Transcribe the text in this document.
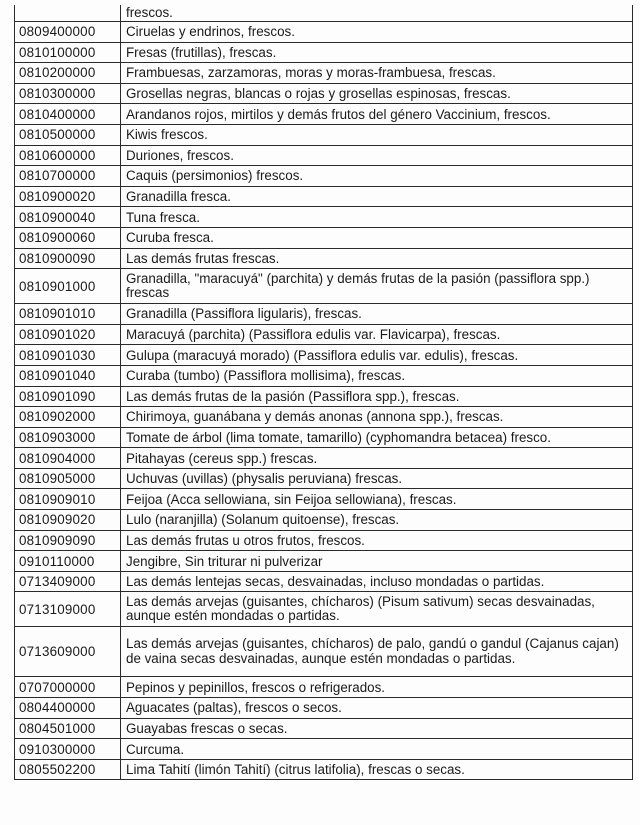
	frescos.
0809400000	Ciruelas y endrinos, frescos.
0810100000	Fresas (frutillas), frescas.
0810200000	Frambuesas, zarzamoras, moras y moras-frambuesa, frescas.
0810300000	Grosellas negras, blancas o rojas y grosellas espinosas, frescas.
0810400000	Arandanos rojos, mirtilos y demás frutos del género Vaccinium, frescos.
0810500000	Kiwis frescos.
0810600000	Duriones, frescos.
0810700000	Caquis (persimonios) frescos.
0810900020	Granadilla fresca.
0810900040	Tuna fresca.
0810900060	Curuba fresca.
0810900090	Las demás frutas frescas.
0810901000	Granadilla, "maracuyá" (parchita) y demás frutas de la pasión (passiflora spp.) frescas
0810901010	Granadilla (Passiflora ligularis), frescas.
0810901020	Maracuyá (parchita) (Passiflora edulis var. Flavicarpa), frescas.
0810901030	Gulupa (maracuyá morado) (Passiflora edulis var. edulis), frescas.
0810901040	Curaba (tumbo) (Passiflora mollisima), frescas.
0810901090	Las demás frutas de la pasión (Passiflora spp.), frescas.
0810902000	Chirimoya, guanábana y demás anonas (annona spp.), frescas.
0810903000	Tomate de árbol (lima tomate, tamarillo) (cyphomandra betacea) fresco.
0810904000	Pitahayas (cereus spp.) frescas.
0810905000	Uchuvas (uvillas) (physalis peruviana) frescas.
0810909010	Feijoa (Acca sellowiana, sin Feijoa sellowiana), frescas.
0810909020	Lulo (naranjilla) (Solanum quitoense), frescas.
0810909090	Las demás frutas u otros frutos, frescos.
0910110000	Jengibre, Sin triturar ni pulverizar
0713409000	Las demás lentejas secas, desvainadas, incluso mondadas o partidas.
0713109000	Las demás arvejas (guisantes, chícharos) (Pisum sativum) secas desvainadas, aunque estén mondadas o partidas.
0713609000	Las demás arvejas (guisantes, chícharos) de palo, gandú o gandul (Cajanus cajan) de vaina secas desvainadas, aunque estén mondadas o partidas.
0707000000	Pepinos y pepinillos, frescos o refrigerados.
0804400000	Aguacates (paltas), frescos o secos.
0804501000	Guayabas frescas o secas.
0910300000	Curcuma.
0805502200	Lima Tahití (limón Tahití) (citrus latifolia), frescas o secas.
